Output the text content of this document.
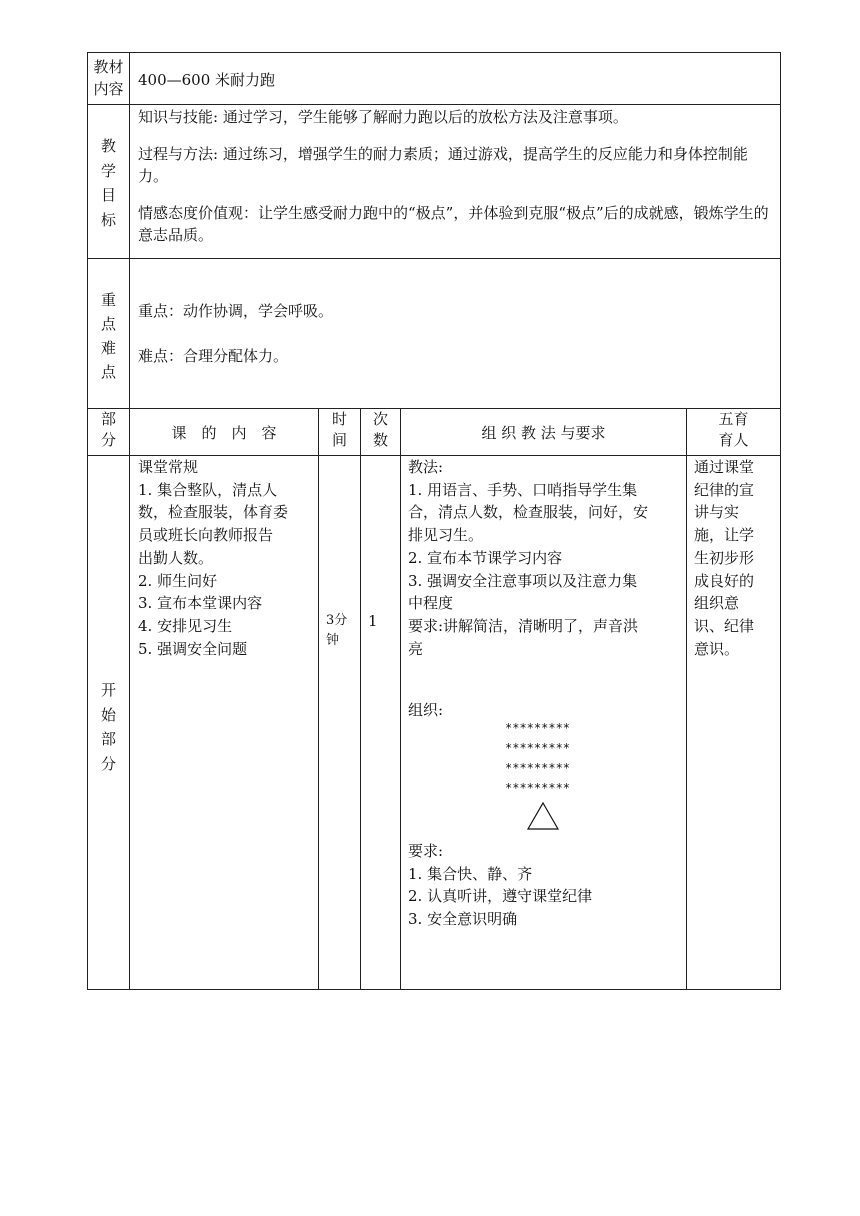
教材
内容 400—600 米耐力跑
教
学
目
标

知识与技能: 通过学习，学生能够了解耐力跑以后的放松方法及注意事项。

过程与方法: 通过练习，增强学生的耐力素质；通过游戏，提高学生的反应能力和身体控制能力。

情感态度价值观：让学生感受耐力跑中的“极点”，并体验到克服“极点”后的成就感，锻炼学生的意志品质。

重
点
难
点
重点：动作协调，学会呼吸。
难点：合理分配体力。
部
分	课　的　内　容
时
间
次
数	组 织 教 法 与要求
五育
育人
开
始
部
分
课堂常规
1. 集合整队，清点人
数，检查服装，体育委
员或班长向教师报告
出勤人数。
2. 师生问好
3. 宣布本堂课内容
4. 安排见习生
5. 强调安全问题
3分
钟
1
教法:
1. 用语言、手势、口哨指导学生集
合，清点人数，检查服装，问好，安
排见习生。
2. 宣布本节课学习内容
3. 强调安全注意事项以及注意力集
中程度
要求:讲解简洁，清晰明了，声音洪
亮
组织:
*********
*********
*********
*********
要求:
1. 集合快、静、齐
2. 认真听讲，遵守课堂纪律
3. 安全意识明确
通过课堂
纪律的宣
讲与实
施，让学
生初步形
成良好的
组织意
识、纪律
意识。
